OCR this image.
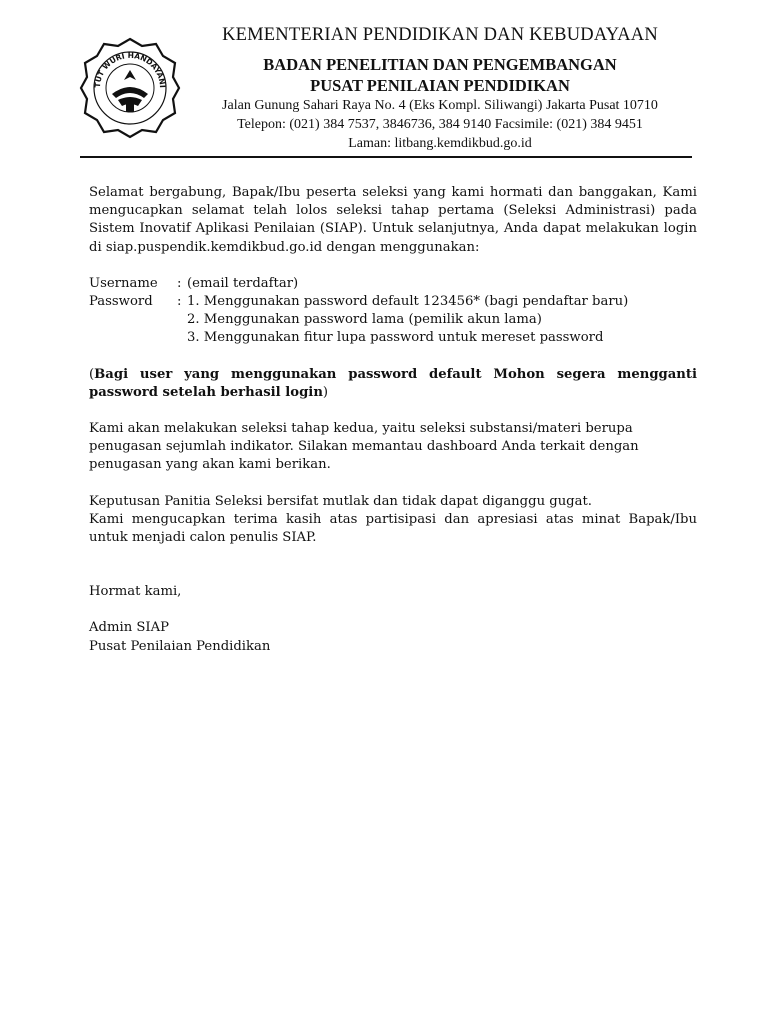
TUT WURI HANDAYANI
KEMENTERIAN PENDIDIKAN DAN KEBUDAYAAN
BADAN PENELITIAN DAN PENGEMBANGAN
PUSAT PENILAIAN PENDIDIKAN
Jalan Gunung Sahari Raya No. 4 (Eks Kompl. Siliwangi) Jakarta Pusat 10710
Telepon: (021) 384 7537, 3846736, 384 9140 Facsimile: (021) 384 9451
Laman: litbang.kemdikbud.go.id

Selamat bergabung, Bapak/Ibu peserta seleksi yang kami hormati dan banggakan, Kami mengucapkan selamat telah lolos seleksi tahap pertama (Seleksi Administrasi) pada Sistem Inovatif Aplikasi Penilaian (SIAP). Untuk selanjutnya, Anda dapat melakukan login di siap.puspendik.kemdikbud.go.id dengan menggunakan:

Username	: (email terdaftar)
Password	: 1. Menggunakan password default 123456* (bagi pendaftar baru)
2. Menggunakan password lama (pemilik akun lama)
3. Menggunakan fitur lupa password untuk mereset password

(Bagi user yang menggunakan password default Mohon segera mengganti password setelah berhasil login)

Kami akan melakukan seleksi tahap kedua, yaitu seleksi substansi/materi berupa penugasan sejumlah indikator. Silakan memantau dashboard Anda terkait dengan penugasan yang akan kami berikan.

Keputusan Panitia Seleksi bersifat mutlak dan tidak dapat diganggu gugat.

Kami mengucapkan terima kasih atas partisipasi dan apresiasi atas minat Bapak/Ibu untuk menjadi calon penulis SIAP.

Hormat kami,

Admin SIAP

Pusat Penilaian Pendidikan
